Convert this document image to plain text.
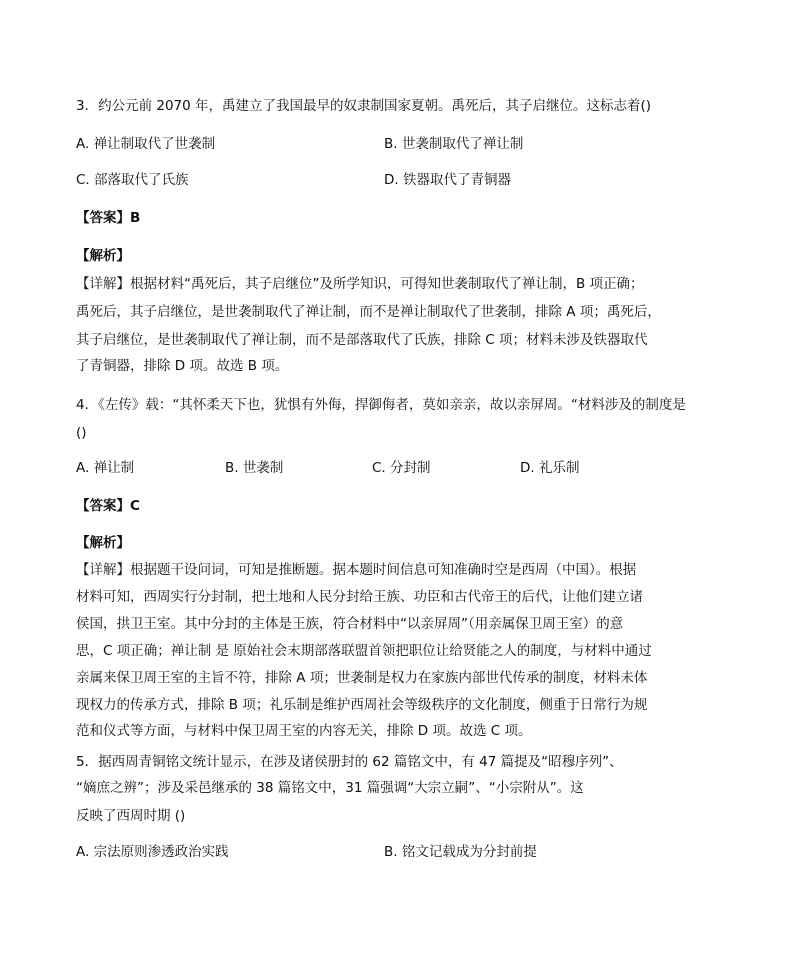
3．约公元前 2070 年，禹建立了我国最早的奴隶制国家夏朝。禹死后，其子启继位。这标志着()
A. 禅让制取代了世袭制	B. 世袭制取代了禅让制
C. 部落取代了氏族	D. 铁器取代了青铜器
【答案】B
【解析】
【详解】根据材料“禹死后，其子启继位”及所学知识，可得知世袭制取代了禅让制，B 项正确；
禹死后，其子启继位，是世袭制取代了禅让制，而不是禅让制取代了世袭制，排除 A 项；禹死后，
其子启继位，是世袭制取代了禅让制，而不是部落取代了氏族，排除 C 项；材料未涉及铁器取代
了青铜器，排除 D 项。故选 B 项。
4．《左传》载：“其怀柔天下也，犹惧有外侮，捍御侮者，莫如亲亲，故以亲屏周。“材料涉及的制度是
()
A. 禅让制	B. 世袭制	C. 分封制	D. 礼乐制
【答案】C
【解析】
【详解】根据题干设问词，可知是推断题。据本题时间信息可知准确时空是西周（中国）。根据
材料可知，西周实行分封制，把土地和人民分封给王族、功臣和古代帝王的后代，让他们建立诸
侯国，拱卫王室。其中分封的主体是王族，符合材料中“以亲屏周”（用亲属保卫周王室）的意
思，C 项正确；禅让制 是 原始社会末期部落联盟首领把职位让给贤能之人的制度，与材料中通过
亲属来保卫周王室的主旨不符，排除 A 项；世袭制是权力在家族内部世代传承的制度，材料未体
现权力的传承方式，排除 B 项；礼乐制是维护西周社会等级秩序的文化制度，侧重于日常行为规
范和仪式等方面，与材料中保卫周王室的内容无关，排除 D 项。故选 C 项。
5．据西周青铜铭文统计显示，在涉及诸侯册封的 62 篇铭文中，有 47 篇提及“昭穆序列”、
“嫡庶之辨”；涉及采邑继承的 38 篇铭文中，31 篇强调“大宗立嗣”、“小宗附从”。这
反映了西周时期 ()
A. 宗法原则渗透政治实践	B. 铭文记载成为分封前提
